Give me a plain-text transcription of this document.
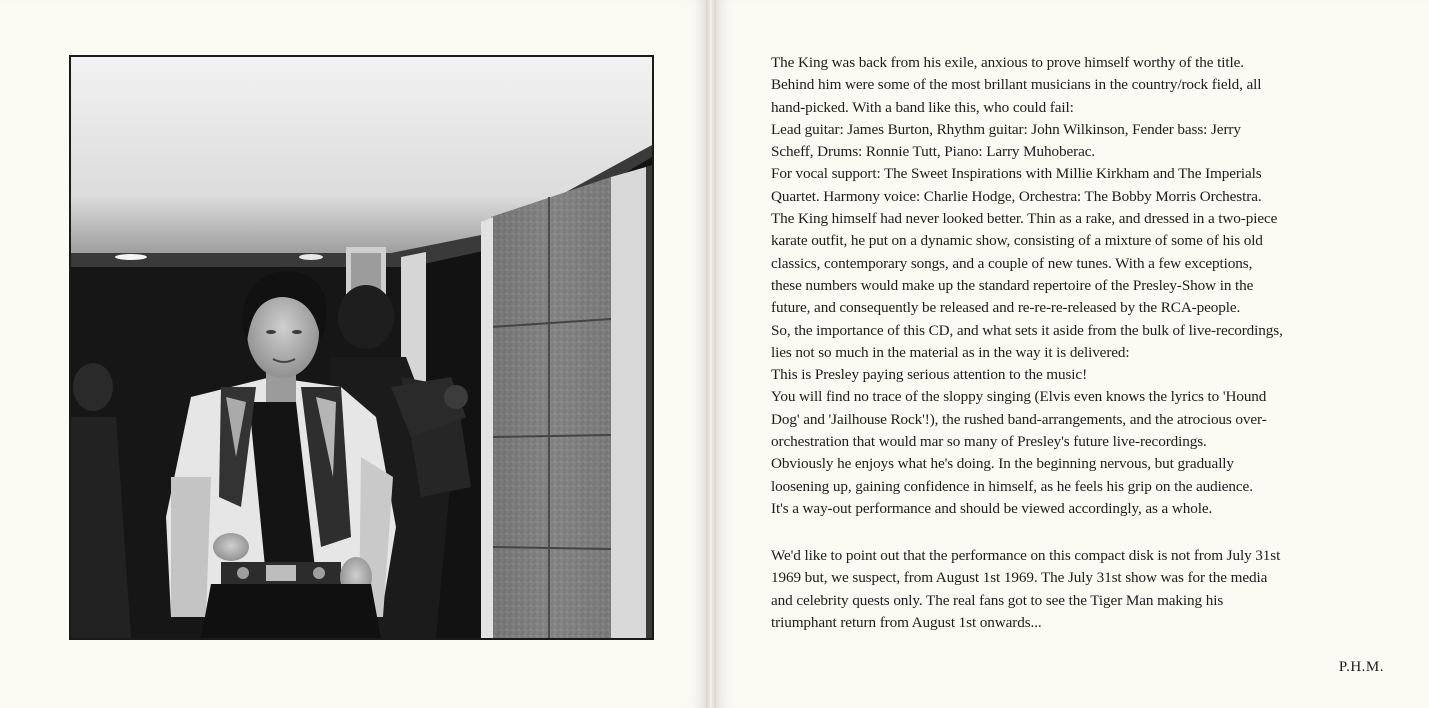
The King was back from his exile, anxious to prove himself worthy of the title.
Behind him were some of the most brillant musicians in the country/rock field, all
hand-picked. With a band like this, who could fail:
Lead guitar: James Burton, Rhythm guitar: John Wilkinson, Fender bass: Jerry
Scheff, Drums: Ronnie Tutt, Piano: Larry Muhoberac.
For vocal support: The Sweet Inspirations with Millie Kirkham and The Imperials
Quartet. Harmony voice: Charlie Hodge, Orchestra: The Bobby Morris Orchestra.
The King himself had never looked better. Thin as a rake, and dressed in a two-piece
karate outfit, he put on a dynamic show, consisting of a mixture of some of his old
classics, contemporary songs, and a couple of new tunes. With a few exceptions,
these numbers would make up the standard repertoire of the Presley-Show in the
future, and consequently be released and re-re-re-released by the RCA-people.
So, the importance of this CD, and what sets it aside from the bulk of live-recordings,
lies not so much in the material as in the way it is delivered:
This is Presley paying serious attention to the music!
You will find no trace of the sloppy singing (Elvis even knows the lyrics to 'Hound
Dog' and 'Jailhouse Rock'!), the rushed band-arrangements, and the atrocious over-
orchestration that would mar so many of Presley's future live-recordings.
Obviously he enjoys what he's doing. In the beginning nervous, but gradually
loosening up, gaining confidence in himself, as he feels his grip on the audience.
It's a way-out performance and should be viewed accordingly, as a whole.
We'd like to point out that the performance on this compact disk is not from July 31st
1969 but, we suspect, from August 1st 1969. The July 31st show was for the media
and celebrity quests only. The real fans got to see the Tiger Man making his
triumphant return from August 1st onwards...
P.H.M.
